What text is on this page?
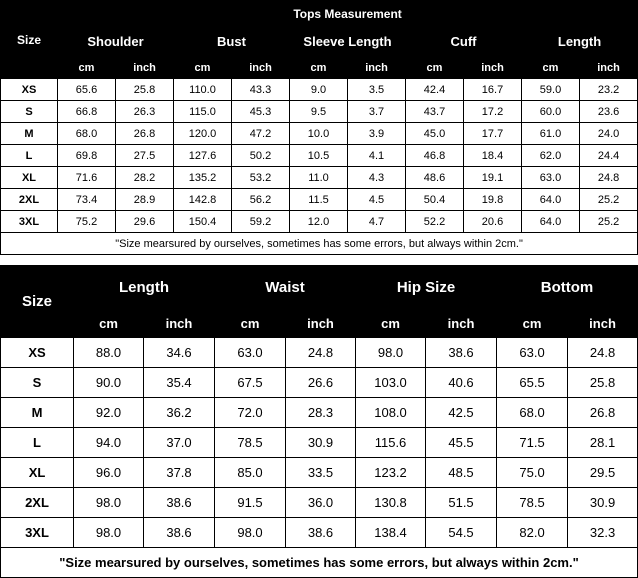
Size	Tops Measurement									
	Shoulder		Bust		Sleeve Length		Cuff		Length	
	cm	inch	cm	inch	cm	inch	cm	inch	cm	inch
XS	65.6	25.8	110.0	43.3	9.0	3.5	42.4	16.7	59.0	23.2
S	66.8	26.3	115.0	45.3	9.5	3.7	43.7	17.2	60.0	23.6
M	68.0	26.8	120.0	47.2	10.0	3.9	45.0	17.7	61.0	24.0
L	69.8	27.5	127.6	50.2	10.5	4.1	46.8	18.4	62.0	24.4
XL	71.6	28.2	135.2	53.2	11.0	4.3	48.6	19.1	63.0	24.8
2XL	73.4	28.9	142.8	56.2	11.5	4.5	50.4	19.8	64.0	25.2
3XL	75.2	29.6	150.4	59.2	12.0	4.7	52.2	20.6	64.0	25.2
"Size mearsured by ourselves, sometimes has some errors, but always within 2cm."										
Size	Length		Waist		Hip Size		Bottom	
	cm	inch	cm	inch	cm	inch	cm	inch
XS	88.0	34.6	63.0	24.8	98.0	38.6	63.0	24.8
S	90.0	35.4	67.5	26.6	103.0	40.6	65.5	25.8
M	92.0	36.2	72.0	28.3	108.0	42.5	68.0	26.8
L	94.0	37.0	78.5	30.9	115.6	45.5	71.5	28.1
XL	96.0	37.8	85.0	33.5	123.2	48.5	75.0	29.5
2XL	98.0	38.6	91.5	36.0	130.8	51.5	78.5	30.9
3XL	98.0	38.6	98.0	38.6	138.4	54.5	82.0	32.3
"Size mearsured by ourselves, sometimes has some errors, but always within 2cm."								
